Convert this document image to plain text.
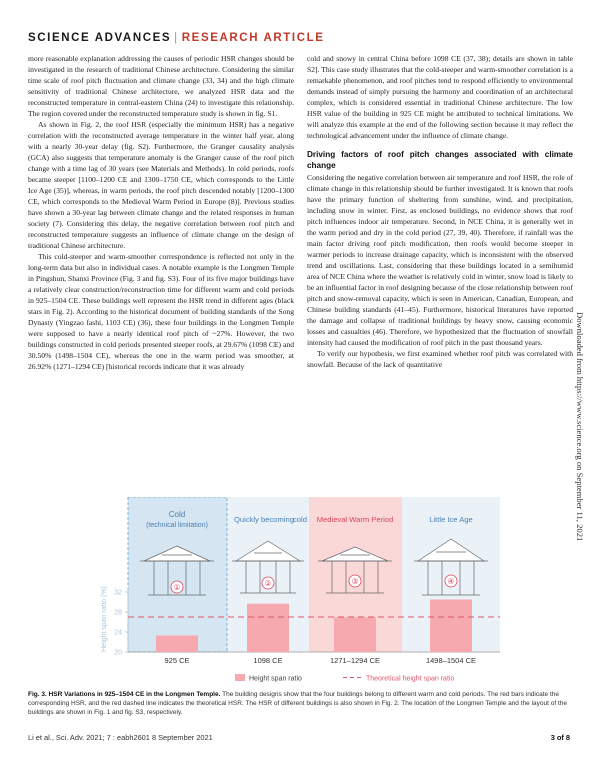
SCIENCE ADVANCES | RESEARCH ARTICLE

more reasonable explanation addressing the causes of periodic HSR changes should be investigated in the research of traditional Chinese architecture. Considering the similar time scale of roof pitch fluctuation and climate change (33, 34) and the high climate sensitivity of traditional Chinese architecture, we analyzed HSR data and the reconstructed temperature in central-eastern China (24) to investigate this relationship. The region covered under the reconstructed temperature study is shown in fig. S1.

As shown in Fig. 2, the roof HSR (especially the minimum HSR) has a negative correlation with the reconstructed average temperature in the winter half year, along with a nearly 30-year delay (fig. S2). Furthermore, the Granger causality analysis (GCA) also suggests that temperature anomaly is the Granger cause of the roof pitch change with a time lag of 30 years (see Materials and Methods). In cold periods, roofs became steeper [1100–1200 CE and 1300–1750 CE, which corresponds to the Little Ice Age (35)], whereas, in warm periods, the roof pitch descended notably [1200–1300 CE, which corresponds to the Medieval Warm Period in Europe (8)]. Previous studies have shown a 30-year lag between climate change and the related responses in human society (7). Considering this delay, the negative correlation between roof pitch and reconstructed temperature suggests an influence of climate change on the design of traditional Chinese architecture.

This cold-steeper and warm-smoother correspondence is reflected not only in the long-term data but also in individual cases. A notable example is the Longmen Temple in Pingshun, Shanxi Province (Fig. 3 and fig. S3). Four of its five major buildings have a relatively clear construction/reconstruction time for different warm and cold periods in 925–1504 CE. These buildings well represent the HSR trend in different ages (black stars in Fig. 2). According to the historical document of building standards of the Song Dynasty (Yingzao fashi, 1103 CE) (36), these four buildings in the Longmen Temple were supposed to have a nearly identical roof pitch of ~27%. However, the two buildings constructed in cold periods presented steeper roofs, at 29.67% (1098 CE) and 30.50% (1498–1504 CE), whereas the one in the warm period was smoother, at 26.92% (1271–1294 CE) [historical records indicate that it was already

cold and snowy in central China before 1098 CE (37, 38); details are shown in table S2]. This case study illustrates that the cold-steeper and warm-smoother correlation is a remarkable phenomenon, and roof pitches tend to respond efficiently to environmental demands instead of simply pursuing the harmony and coordination of an architectural complex, which is considered essential in traditional Chinese architecture. The low HSR value of the building in 925 CE might be attributed to technical limitations. We will analyze this example at the end of the following section because it may reflect the technological advancement under the influence of climate change.

Driving factors of roof pitch changes associated with climate change

Considering the negative correlation between air temperature and roof HSR, the role of climate change in this relationship should be further investigated. It is known that roofs have the primary function of sheltering from sunshine, wind, and precipitation, including snow in winter. First, as enclosed buildings, no evidence shows that roof pitch influences indoor air temperature. Second, in NCE China, it is generally wet in the warm period and dry in the cold period (27, 39, 40). Therefore, if rainfall was the main factor driving roof pitch modification, then roofs would become steeper in warmer periods to increase drainage capacity, which is inconsistent with the observed trend and oscillations. Last, considering that these buildings located in a semihumid area of NCE China where the weather is relatively cold in winter, snow load is likely to be an influential factor in roof designing because of the close relationship between roof pitch and snow-removal capacity, which is seen in American, Canadian, European, and Chinese building standards (41–45). Furthermore, historical literatures have reported the damage and collapse of traditional buildings by heavy snow, causing economic losses and casualties (46). Therefore, we hypothesized that the fluctuation of snowfall intensity had caused the modification of roof pitch in the past thousand years.

To verify our hypothesis, we first examined whether roof pitch was correlated with snowfall. Because of the lack of quantitative	Downloaded from https://www.science.org on September 11, 2021
Cold
(technical limitation)
Quickly becoming cold Medieval Warm Period	Little Ice Age
①	②	③	④
Height span ratio (%)
20
24
28
32
925 CE	1098 CE	1271–1294 CE	1498–1504 CE
Height span ratio	Theoretical height span ratio
Fig. 3. HSR Variations in 925–1504 CE in the Longmen Temple. The building designs show that the four buildings belong to different warm and cold periods. The red bars indicate the corresponding HSR, and the red dashed line indicates the theoretical HSR. The HSR of different buildings is also shown in Fig. 2. The location of the Longmen Temple and the layout of the buildings are shown in Fig. 1 and fig. S3, respectively.
Li et al., Sci. Adv. 2021; 7 : eabh2601 8 September 2021	3 of 8
